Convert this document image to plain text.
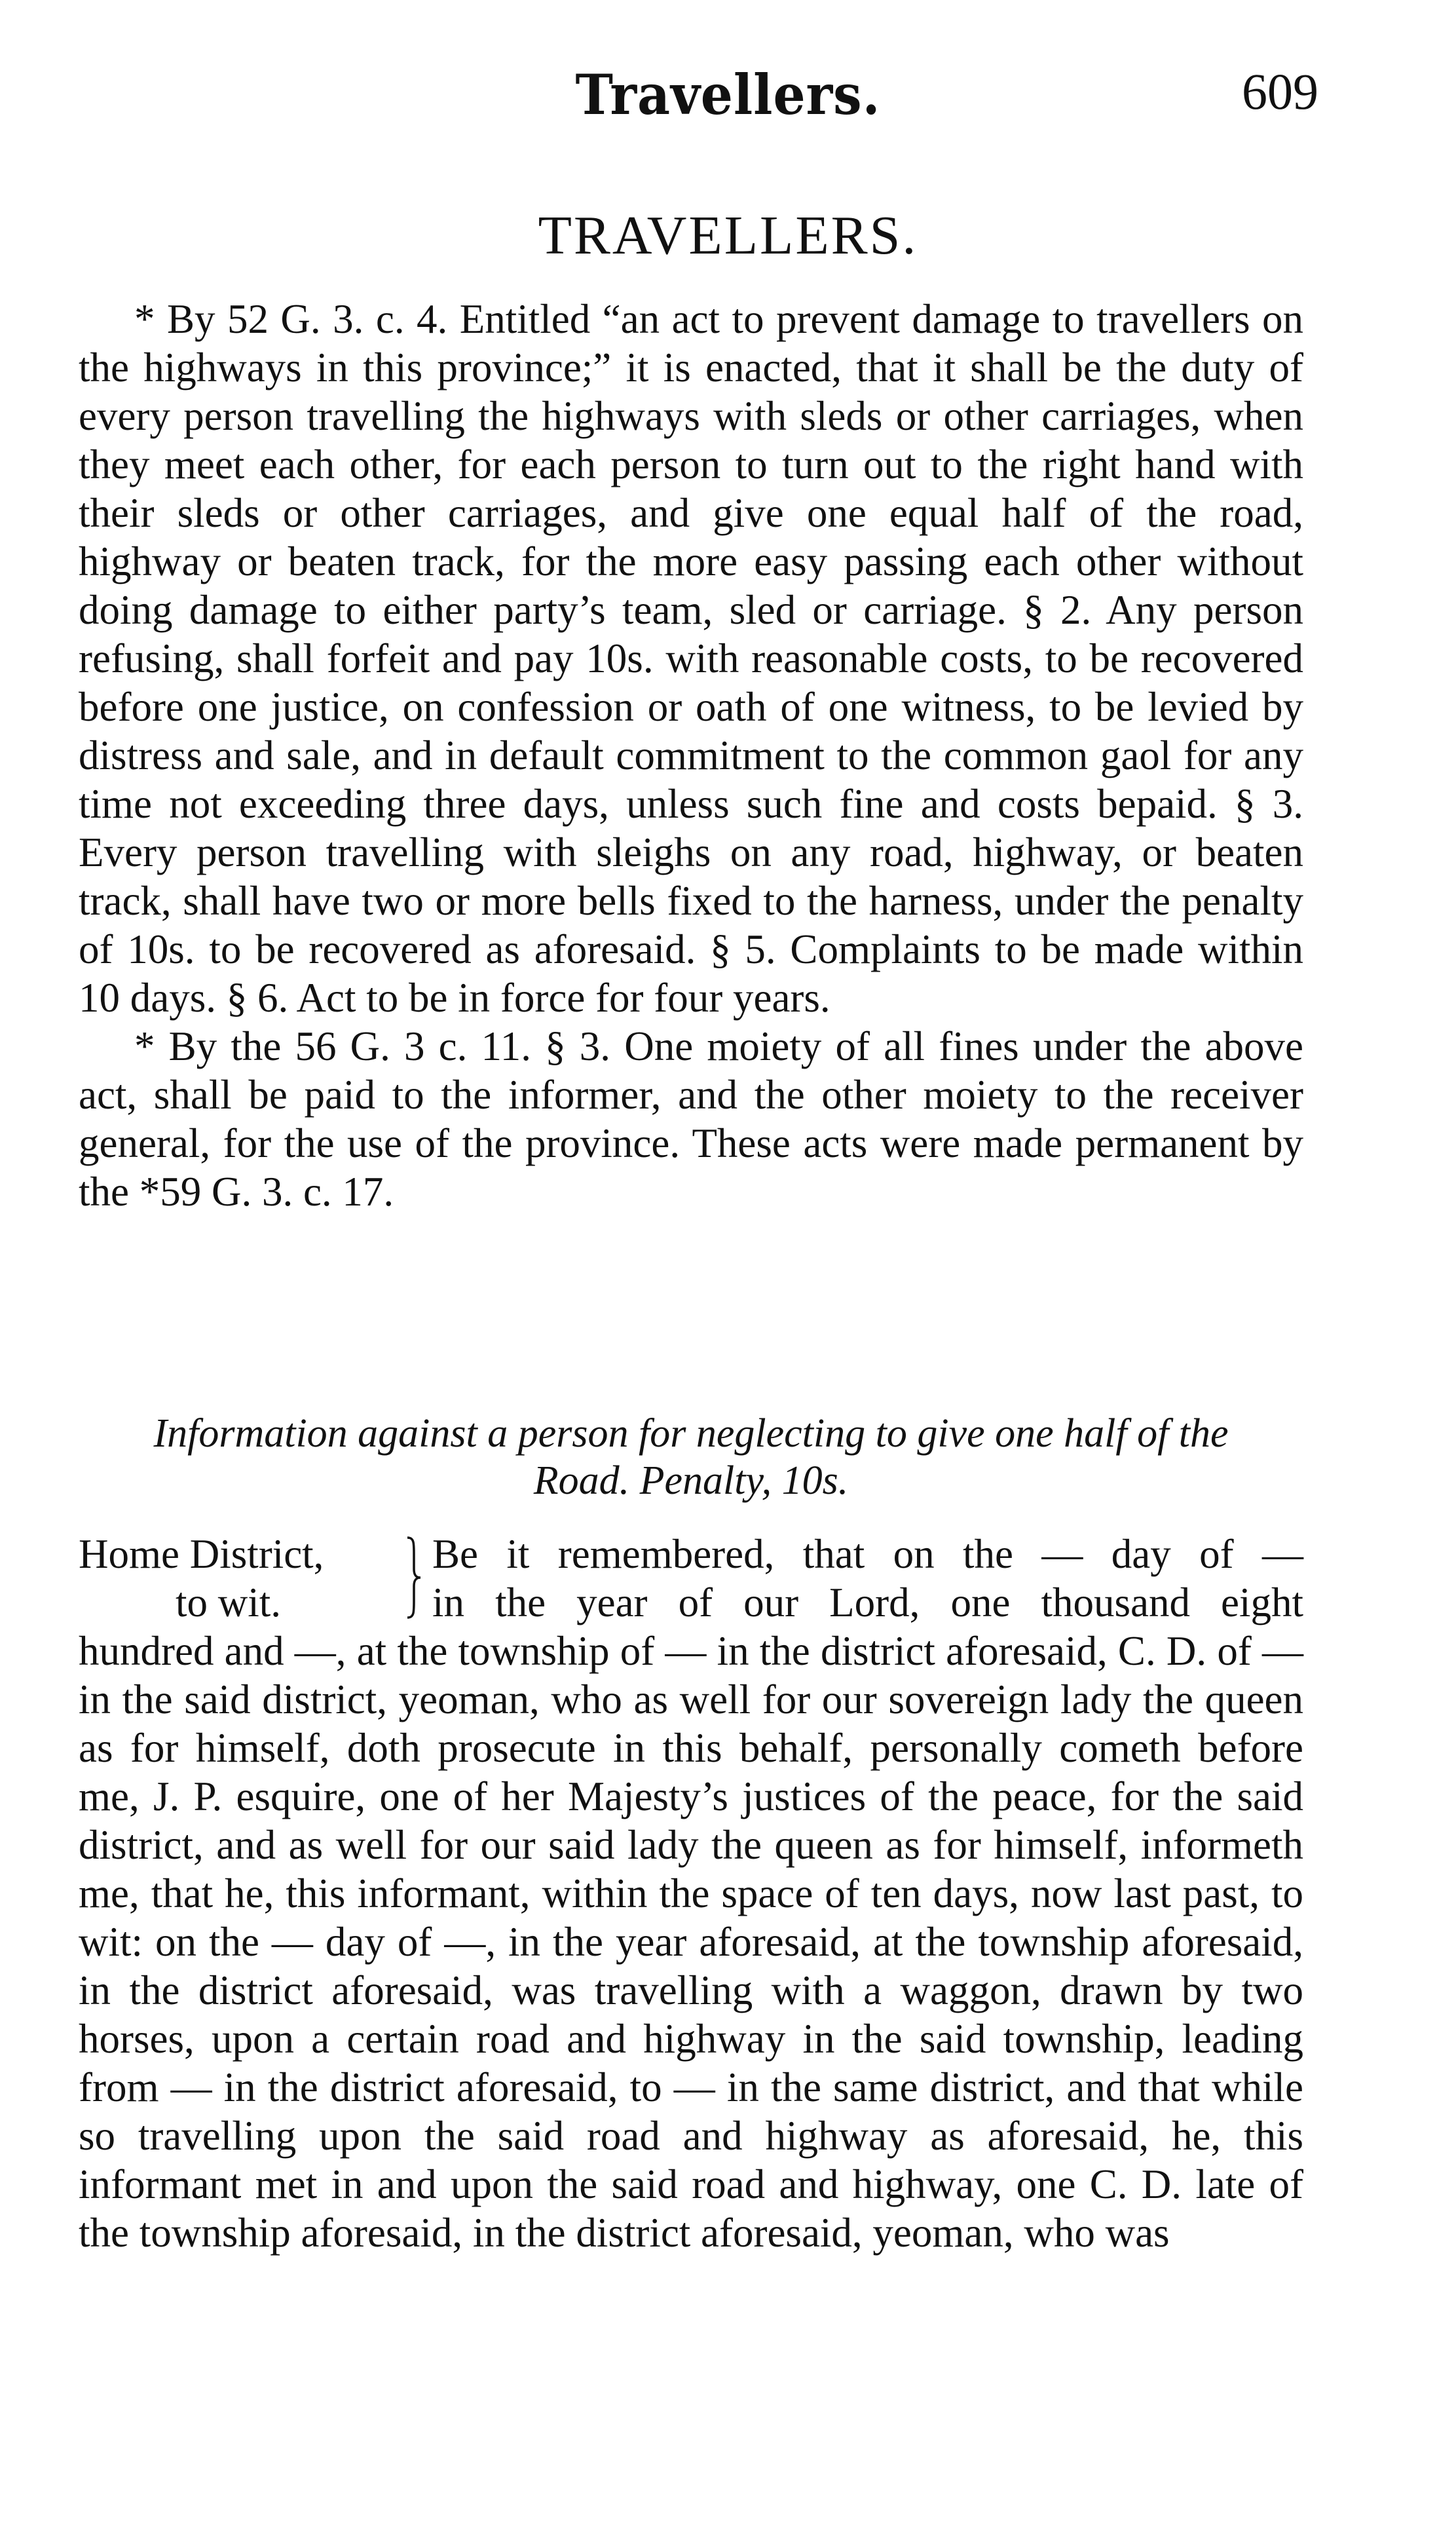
Travellers.	609
TRAVELLERS.

* By 52 G. 3. c. 4. Entitled “an act to prevent damage to travellers on the highways in this province;” it is enacted, that it shall be the duty of every person travelling the highways with sleds or other carriages, when they meet each other, for each person to turn out to the right hand with their sleds or other carriages, and give one equal half of the road, highway or beaten track, for the more easy passing each other without doing damage to either party’s team, sled or carriage. § 2. Any person refusing, shall forfeit and pay 10s. with reasonable costs, to be recovered before one justice, on confession or oath of one witness, to be levied by distress and sale, and in default commitment to the common gaol for any time not exceeding three days, unless such fine and costs bepaid. § 3. Every person travelling with sleighs on any road, highway, or beaten track, shall have two or more bells fixed to the harness, under the penalty of 10s. to be recovered as aforesaid. § 5. Complaints to be made within 10 days. § 6. Act to be in force for four years.

* By the 56 G. 3 c. 11. § 3. One moiety of all fines under the above act, shall be paid to the informer, and the other moiety to the receiver general, for the use of the province. These acts were made permanent by the *59 G. 3. c. 17.

Information against a person for neglecting to give one half of the
Road. Penalty, 10s.
Home District,
to wit.
Be it remembered, that on the — day of —
in the year of our Lord, one thousand eight

hundred and —, at the township of — in the district aforesaid, C. D. of — in the said district, yeoman, who as well for our sovereign lady the queen as for himself, doth prosecute in this behalf, personally cometh before me, J. P. esquire, one of her Majesty’s justices of the peace, for the said district, and as well for our said lady the queen as for himself, informeth me, that he, this informant, within the space of ten days, now last past, to wit: on the — day of —, in the year aforesaid, at the township aforesaid, in the district aforesaid, was travelling with a waggon, drawn by two horses, upon a certain road and highway in the said township, leading from — in the district aforesaid, to — in the same district, and that while so travelling upon the said road and highway as aforesaid, he, this informant met in and upon the said road and highway, one C. D. late of the township aforesaid, in the district aforesaid, yeoman, who was
